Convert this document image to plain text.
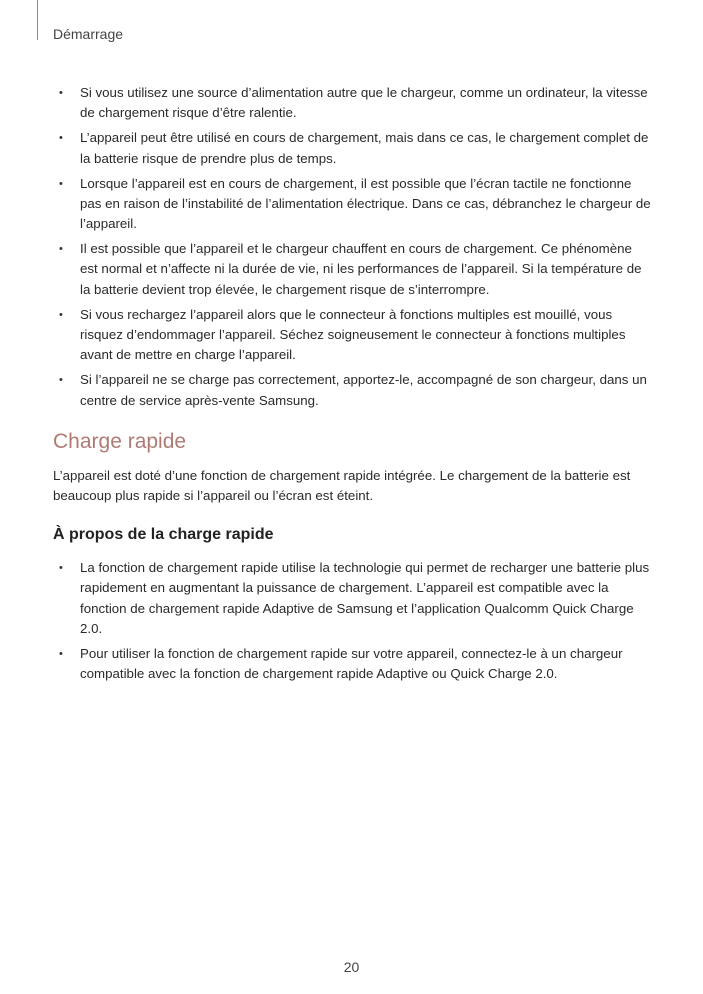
Démarrage
• Si vous utilisez une source d’alimentation autre que le chargeur, comme un ordinateur, la vitesse de chargement risque d’être ralentie.
• L’appareil peut être utilisé en cours de chargement, mais dans ce cas, le chargement complet de la batterie risque de prendre plus de temps.
• Lorsque l’appareil est en cours de chargement, il est possible que l’écran tactile ne fonctionne pas en raison de l’instabilité de l’alimentation électrique. Dans ce cas, débranchez le chargeur de l’appareil.
• Il est possible que l’appareil et le chargeur chauffent en cours de chargement. Ce phénomène est normal et n’affecte ni la durée de vie, ni les performances de l’appareil. Si la température de la batterie devient trop élevée, le chargement risque de s’interrompre.
• Si vous rechargez l’appareil alors que le connecteur à fonctions multiples est mouillé, vous risquez d’endommager l’appareil. Séchez soigneusement le connecteur à fonctions multiples avant de mettre en charge l’appareil.
• Si l’appareil ne se charge pas correctement, apportez-le, accompagné de son chargeur, dans un centre de service après-vente Samsung.
Charge rapide

L’appareil est doté d’une fonction de chargement rapide intégrée. Le chargement de la batterie est beaucoup plus rapide si l’appareil ou l’écran est éteint.

À propos de la charge rapide
• La fonction de chargement rapide utilise la technologie qui permet de recharger une batterie plus rapidement en augmentant la puissance de chargement. L’appareil est compatible avec la fonction de chargement rapide Adaptive de Samsung et l’application Qualcomm Quick Charge 2.0.
• Pour utiliser la fonction de chargement rapide sur votre appareil, connectez-le à un chargeur compatible avec la fonction de chargement rapide Adaptive ou Quick Charge 2.0.
20
